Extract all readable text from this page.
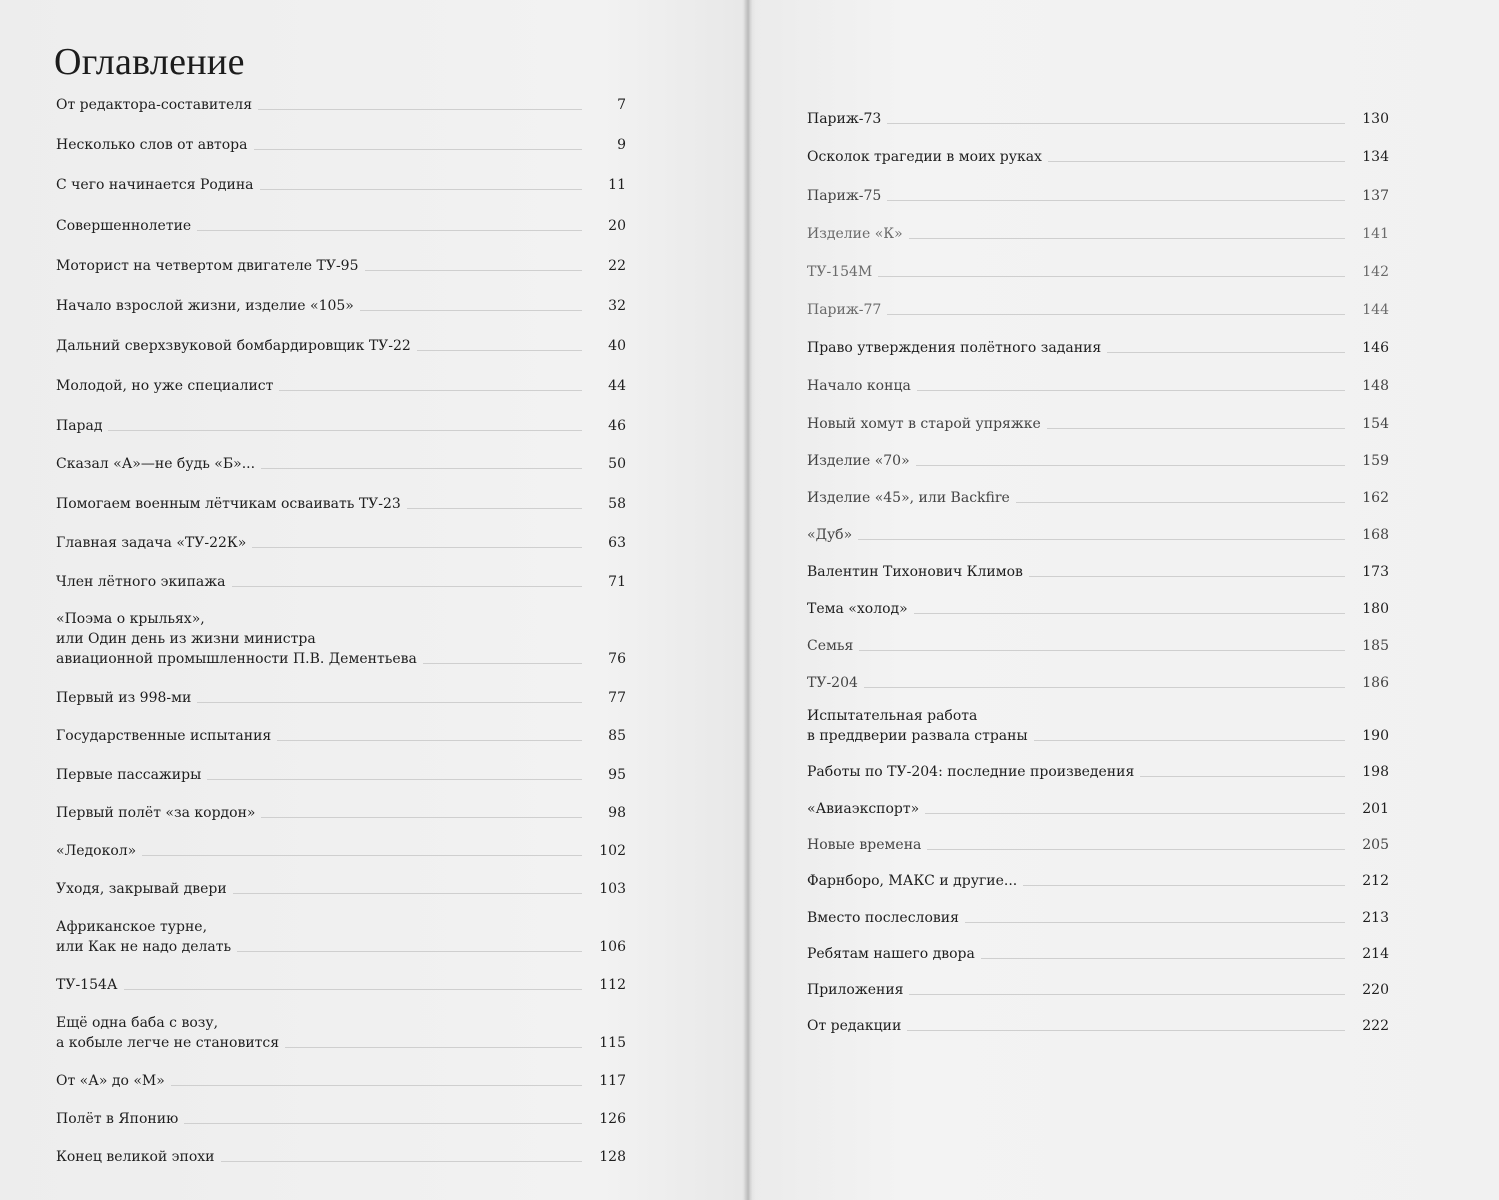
Оглавление
От редактора-составителя	7
Несколько слов от автора	9
С чего начинается Родина	11
Совершеннолетие	20
Моторист на четвертом двигателе ТУ-95	22
Начало взрослой жизни, изделие «105»	32
Дальний сверхзвуковой бомбардировщик ТУ-22	40
Молодой, но уже специалист	44
Парад	46
Сказал «А»—не будь «Б»...	50
Помогаем военным лётчикам осваивать ТУ-23	58
Главная задача «ТУ-22К»	63
Член лётного экипажа	71
«Поэма о крыльях»,
или Один день из жизни министра
авиационной промышленности П.В. Дементьева	76
Первый из 998-ми	77
Государственные испытания	85
Первые пассажиры	95
Первый полёт «за кордон»	98
«Ледокол»	102
Уходя, закрывай двери	103
Африканское турне,
или Как не надо делать	106
ТУ-154А	112
Ещё одна баба с возу,
а кобыле легче не становится	115
От «А» до «М»	117
Полёт в Японию	126
Конец великой эпохи	128
Париж-73	130
Осколок трагедии в моих руках	134
Париж-75	137
Изделие «К»	141
ТУ-154М	142
Париж-77	144
Право утверждения полётного задания	146
Начало конца	148
Новый хомут в старой упряжке	154
Изделие «70»	159
Изделие «45», или Backfire	162
«Дуб»	168
Валентин Тихонович Климов	173
Тема «холод»	180
Семья	185
ТУ-204	186
Испытательная работа
в преддверии развала страны	190
Работы по ТУ-204: последние произведения	198
«Авиаэкспорт»	201
Новые времена	205
Фарнборо, МАКС и другие...	212
Вместо послесловия	213
Ребятам нашего двора	214
Приложения	220
От редакции	222
